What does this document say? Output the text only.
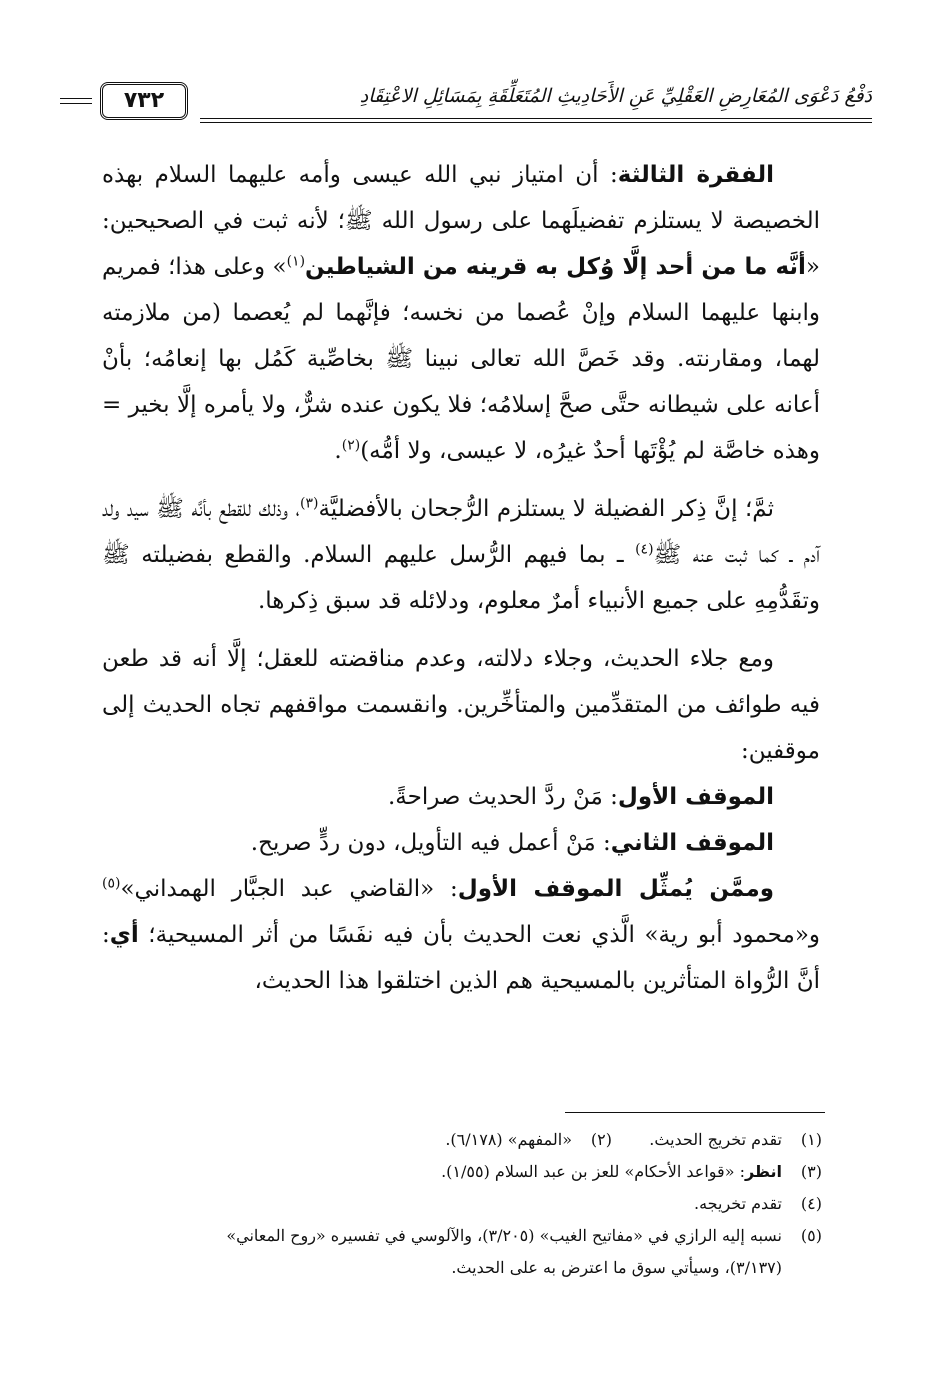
دَفْعُ دَعْوَى المُعَارِضِ العَقْلِيِّ عَنِ الأَحَادِيثِ المُتَعَلِّقَةِ بِمَسَائِلِ الاعْتِقَادِ
٧٣٢

الفقرة الثالثة: أن امتياز نبي الله عيسى وأمه عليهما السلام بهذه الخصيصة لا يستلزم تفضيلَهما على رسول الله ﷺ؛ لأنه ثبت في الصحيحين: «أنَّه ما من أحد إلَّا وُكل به قرينه من الشياطين$^{(١)}$» وعلى هذا؛ فمريم وابنها عليهما السلام وإنْ عُصما من نخسه؛ فإنَّهما لم يُعصما (من ملازمته لهما، ومقارنته. وقد خَصَّ الله تعالى نبينا ﷺ بخاصِّية كَمُل بها إنعامُه؛ بأنْ أعانه على شيطانه حتَّى صحَّ إسلامُه؛ فلا يكون عنده شرٌّ، ولا يأمره إلَّا بخير = وهذه خاصَّة لم يُؤْتَها أحدٌ غيرُه، لا عيسى، ولا أمُّه)$^{(٢)}$.

ثمَّ؛ إنَّ ذِكر الفضيلة لا يستلزم الرُّجحان بالأفضليَّة$^{(٣)}$، وذلك للقطع بأنَّه ﷺ سيد ولد آدم ـ كما ثبت عنه ﷺ$^{(٤)}$ ـ بما فيهم الرُّسل عليهم السلام. والقطع بفضيلته ﷺ وتقَدُّمِهِ على جميع الأنبياء أمرٌ معلوم، ودلائله قد سبق ذِكرها.

ومع جلاء الحديث، وجلاء دلالته، وعدم مناقضته للعقل؛ إلَّا أنه قد طعن فيه طوائف من المتقدِّمين والمتأخِّرين. وانقسمت مواقفهم تجاه الحديث إلى موقفين:

الموقف الأول: مَنْ ردَّ الحديث صراحةً.

الموقف الثاني: مَنْ أعمل فيه التأويل، دون ردٍّ صريح.

وممَّن يُمثِّل الموقف الأول: «القاضي عبد الجبَّار الهمداني»$^{(٥)}$ و«محمود أبو رية» الَّذي نعت الحديث بأن فيه نفَسًا من أثر المسيحية؛ أي: أنَّ الرُّواة المتأثرين بالمسيحية هم الذين اختلقوا هذا الحديث،

(١)
تقدم تخريج الحديث.
(٢)
«المفهم» (٦/١٧٨).
(٣)
انظر: «قواعد الأحكام» للعز بن عبد السلام (١/٥٥).
(٤)
تقدم تخريجه.
(٥)
نسبه إليه الرازي في «مفاتيح الغيب» (٣/٢٠٥)، والآلوسي في تفسيره «روح المعاني»
(٣/١٣٧)، وسيأتي سوق ما اعترض به على الحديث.
